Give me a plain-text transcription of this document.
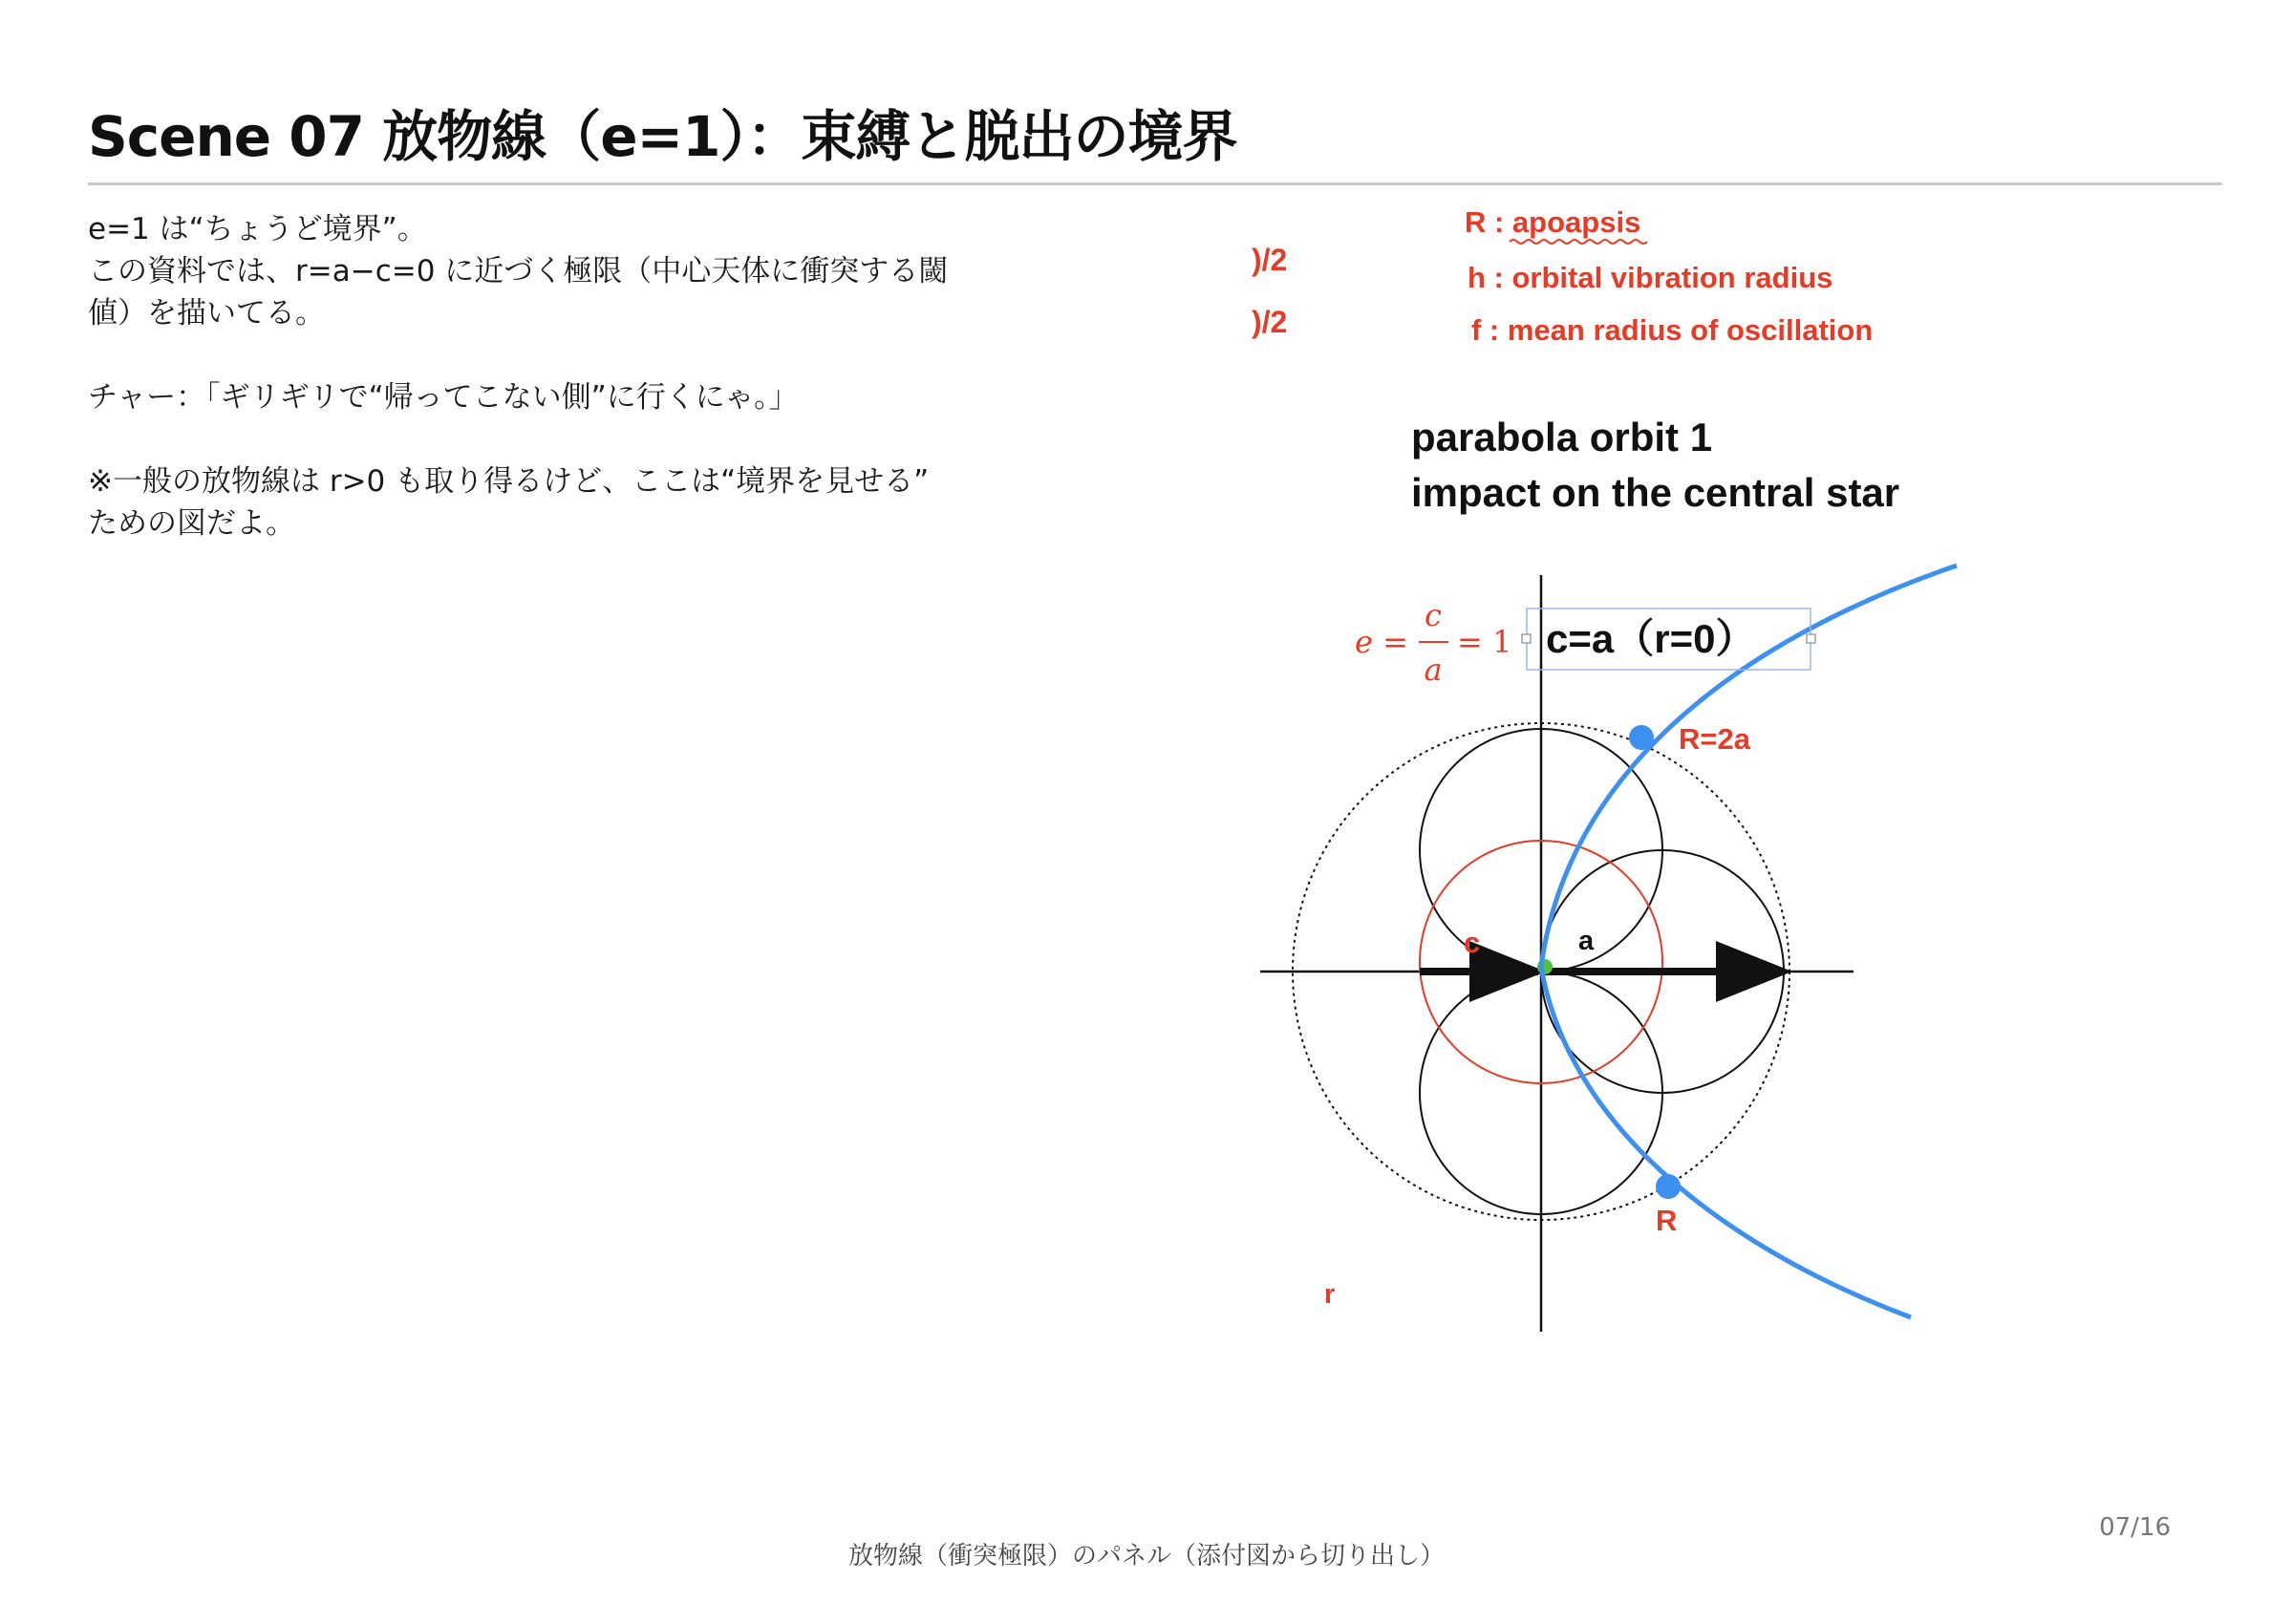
Scene 07 放物線（e=1）：束縛と脱出の境界

e=1 は“ちょうど境界”。

この資料では、r=a−c=0 に近づく極限（中心天体に衝突する閾

値）を描いてる。

チャー：「ギリギリで“帰ってこない側”に行くにゃ。」

※一般の放物線は r>0 も取り得るけど、ここは“境界を見せる”

ための図だよ。

R : apoapsis
h : orbital vibration radius
f : mean radius of oscillation
)/2
)/2
parabola orbit 1
impact on the central star
R=2a
R
c	a
r
e =
c
a
= 1 c=a（r=0）
放物線（衝突極限）のパネル（添付図から切り出し）
07/16
